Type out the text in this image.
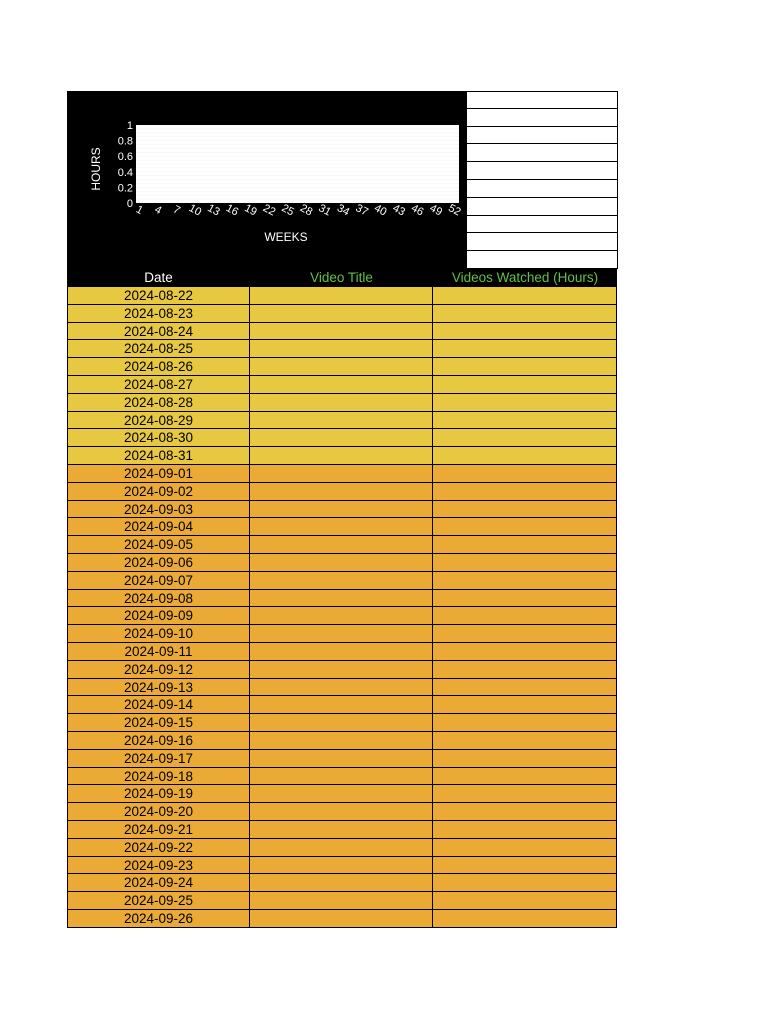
0
0.2
0.4
0.6
0.8
1
1 4 7 10 13 16 19 22 25 28 31 34 37 40 43 46 49 52
WEEKS
HOURS
Date	Video Title	Videos Watched (Hours)
2024-08-22
2024-08-23
2024-08-24
2024-08-25
2024-08-26
2024-08-27
2024-08-28
2024-08-29
2024-08-30
2024-08-31
2024-09-01
2024-09-02
2024-09-03
2024-09-04
2024-09-05
2024-09-06
2024-09-07
2024-09-08
2024-09-09
2024-09-10
2024-09-11
2024-09-12
2024-09-13
2024-09-14
2024-09-15
2024-09-16
2024-09-17
2024-09-18
2024-09-19
2024-09-20
2024-09-21
2024-09-22
2024-09-23
2024-09-24
2024-09-25
2024-09-26
